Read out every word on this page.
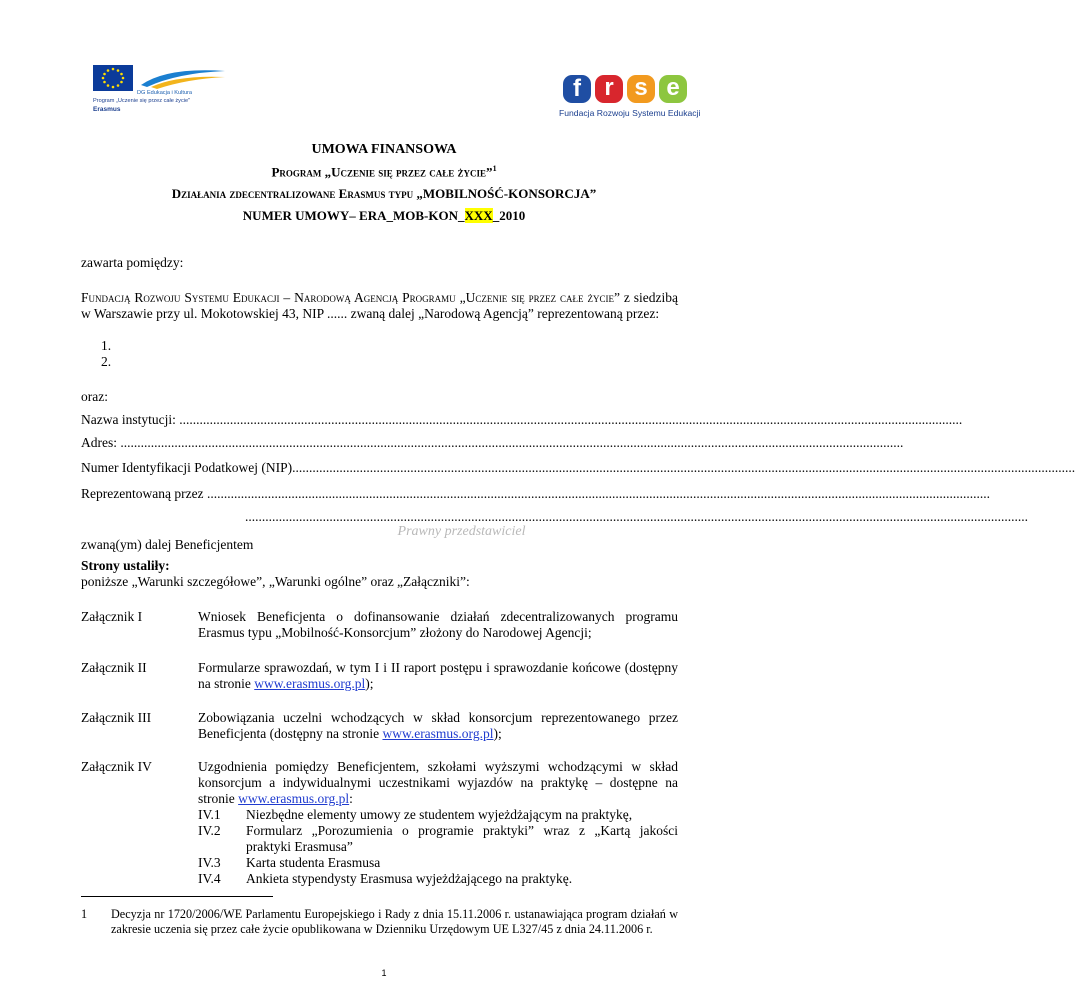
DG Edukacja i Kultura
Program „Uczenie się przez całe życie"
Erasmus
f r s e
Fundacja Rozwoju Systemu Edukacji
UMOWA FINANSOWA
Program „Uczenie się przez całe życie”$^1$
Działania zdecentralizowane Erasmus typu „MOBILNOŚĆ-KONSORCJA”
NUMER UMOWY– ERA_MOB-KON_XXX_2010
zawarta pomiędzy:
Fundacją Rozwoju Systemu Edukacji – Narodową Agencją Programu „Uczenie się przez całe życie” z siedzibą w Warszawie przy ul. Mokotowskiej 43, NIP ...... zwaną dalej „Narodową Agencją” reprezentowaną przez:
1.
2.
oraz:
Nazwa instytucji: ........................................................................................................................................................................................................................................
Adres: ........................................................................................................................................................................................................................................
Numer Identyfikacji Podatkowej (NIP)........................................................................................................................................................................................................................................
Reprezentowaną przez ........................................................................................................................................................................................................................................
........................................................................................................................................................................................................................................
Prawny przedstawiciel
zwaną(ym) dalej Beneficjentem
Strony ustaliły:
poniższe „Warunki szczegółowe”, „Warunki ogólne” oraz „Załączniki”:
Załącznik I	Wniosek Beneficjenta o dofinansowanie działań zdecentralizowanych programu Erasmus typu „Mobilność-Konsorcjum” złożony do Narodowej Agencji;
Załącznik II	Formularze sprawozdań, w tym I i II raport postępu i sprawozdanie końcowe (dostępny na stronie www.erasmus.org.pl);
Załącznik III	Zobowiązania uczelni wchodzących w skład konsorcjum reprezentowanego przez Beneficjenta (dostępny na stronie www.erasmus.org.pl);
Załącznik IV	Uzgodnienia pomiędzy Beneficjentem, szkołami wyższymi wchodzącymi w skład konsorcjum a indywidualnymi uczestnikami wyjazdów na praktykę – dostępne na stronie www.erasmus.org.pl:
IV.1 Niezbędne elementy umowy ze studentem wyjeżdżającym na praktykę,
IV.2	Formularz „Porozumienia o programie praktyki” wraz z „Kartą jakości praktyki Erasmusa”
IV.3 Karta studenta Erasmusa
IV.4 Ankieta stypendysty Erasmusa wyjeżdżającego na praktykę.
1	Decyzja nr 1720/2006/WE Parlamentu Europejskiego i Rady z dnia 15.11.2006 r. ustanawiająca program działań w zakresie uczenia się przez całe życie opublikowana w Dzienniku Urzędowym UE L327/45 z dnia 24.11.2006 r.
1
